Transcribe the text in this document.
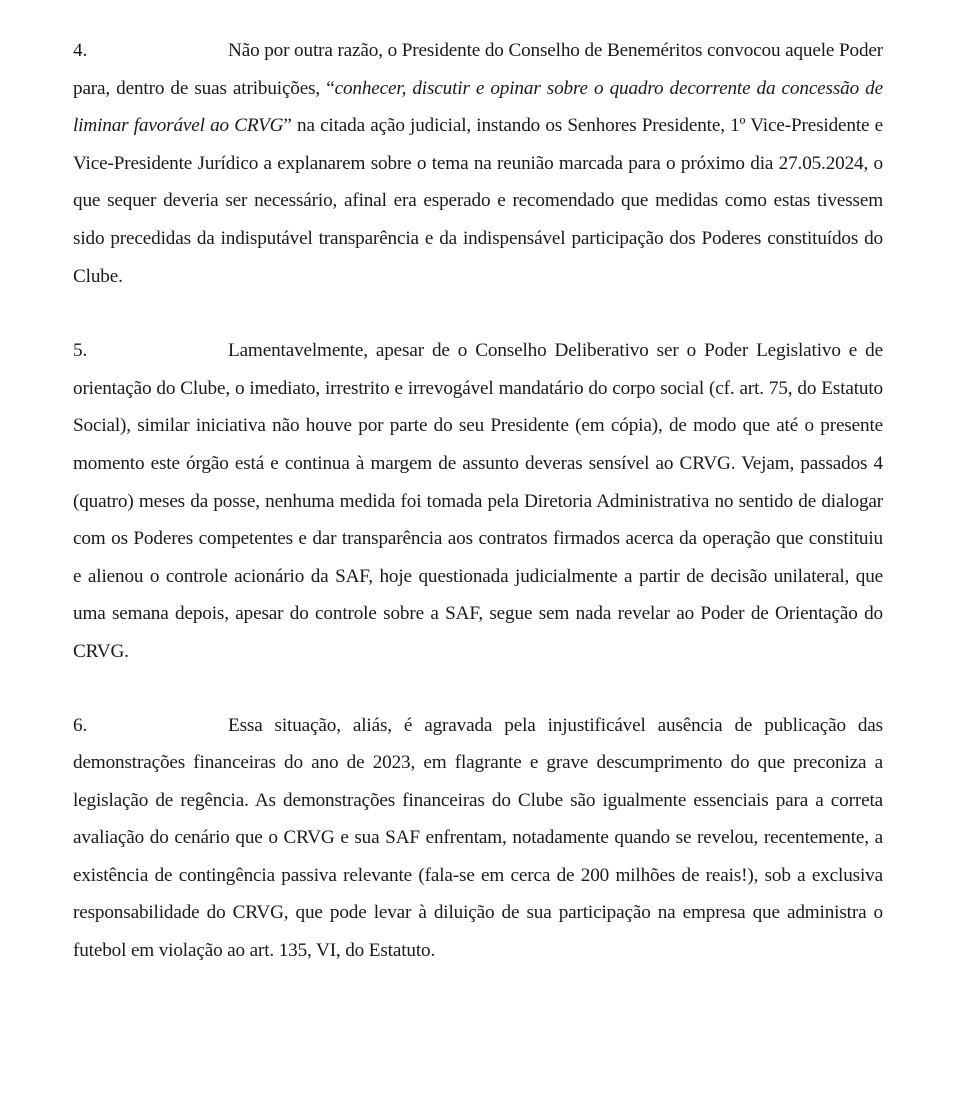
4.	Não por outra razão, o Presidente do Conselho de Beneméritos convocou aquele Poder para, dentro de suas atribuições, “conhecer, discutir e opinar sobre o quadro decorrente da concessão de liminar favorável ao CRVG” na citada ação judicial, instando os Senhores Presidente, 1º Vice-Presidente e Vice-Presidente Jurídico a explanarem sobre o tema na reunião marcada para o próximo dia 27.05.2024, o que sequer deveria ser necessário, afinal era esperado e recomendado que medidas como estas tivessem sido precedidas da indisputável transparência e da indispensável participação dos Poderes constituídos do Clube.

5.	Lamentavelmente, apesar de o Conselho Deliberativo ser o Poder Legislativo e de orientação do Clube, o imediato, irrestrito e irrevogável mandatário do corpo social (cf. art. 75, do Estatuto Social), similar iniciativa não houve por parte do seu Presidente (em cópia), de modo que até o presente momento este órgão está e continua à margem de assunto deveras sensível ao CRVG. Vejam, passados 4 (quatro) meses da posse, nenhuma medida foi tomada pela Diretoria Administrativa no sentido de dialogar com os Poderes competentes e dar transparência aos contratos firmados acerca da operação que constituiu e alienou o controle acionário da SAF, hoje questionada judicialmente a partir de decisão unilateral, que uma semana depois, apesar do controle sobre a SAF, segue sem nada revelar ao Poder de Orientação do CRVG.

6.	Essa situação, aliás, é agravada pela injustificável ausência de publicação das demonstrações financeiras do ano de 2023, em flagrante e grave descumprimento do que preconiza a legislação de regência. As demonstrações financeiras do Clube são igualmente essenciais para a correta avaliação do cenário que o CRVG e sua SAF enfrentam, notadamente quando se revelou, recentemente, a existência de contingência passiva relevante (fala-se em cerca de 200 milhões de reais!), sob a exclusiva responsabilidade do CRVG, que pode levar à diluição de sua participação na empresa que administra o futebol em violação ao art. 135, VI, do Estatuto.
